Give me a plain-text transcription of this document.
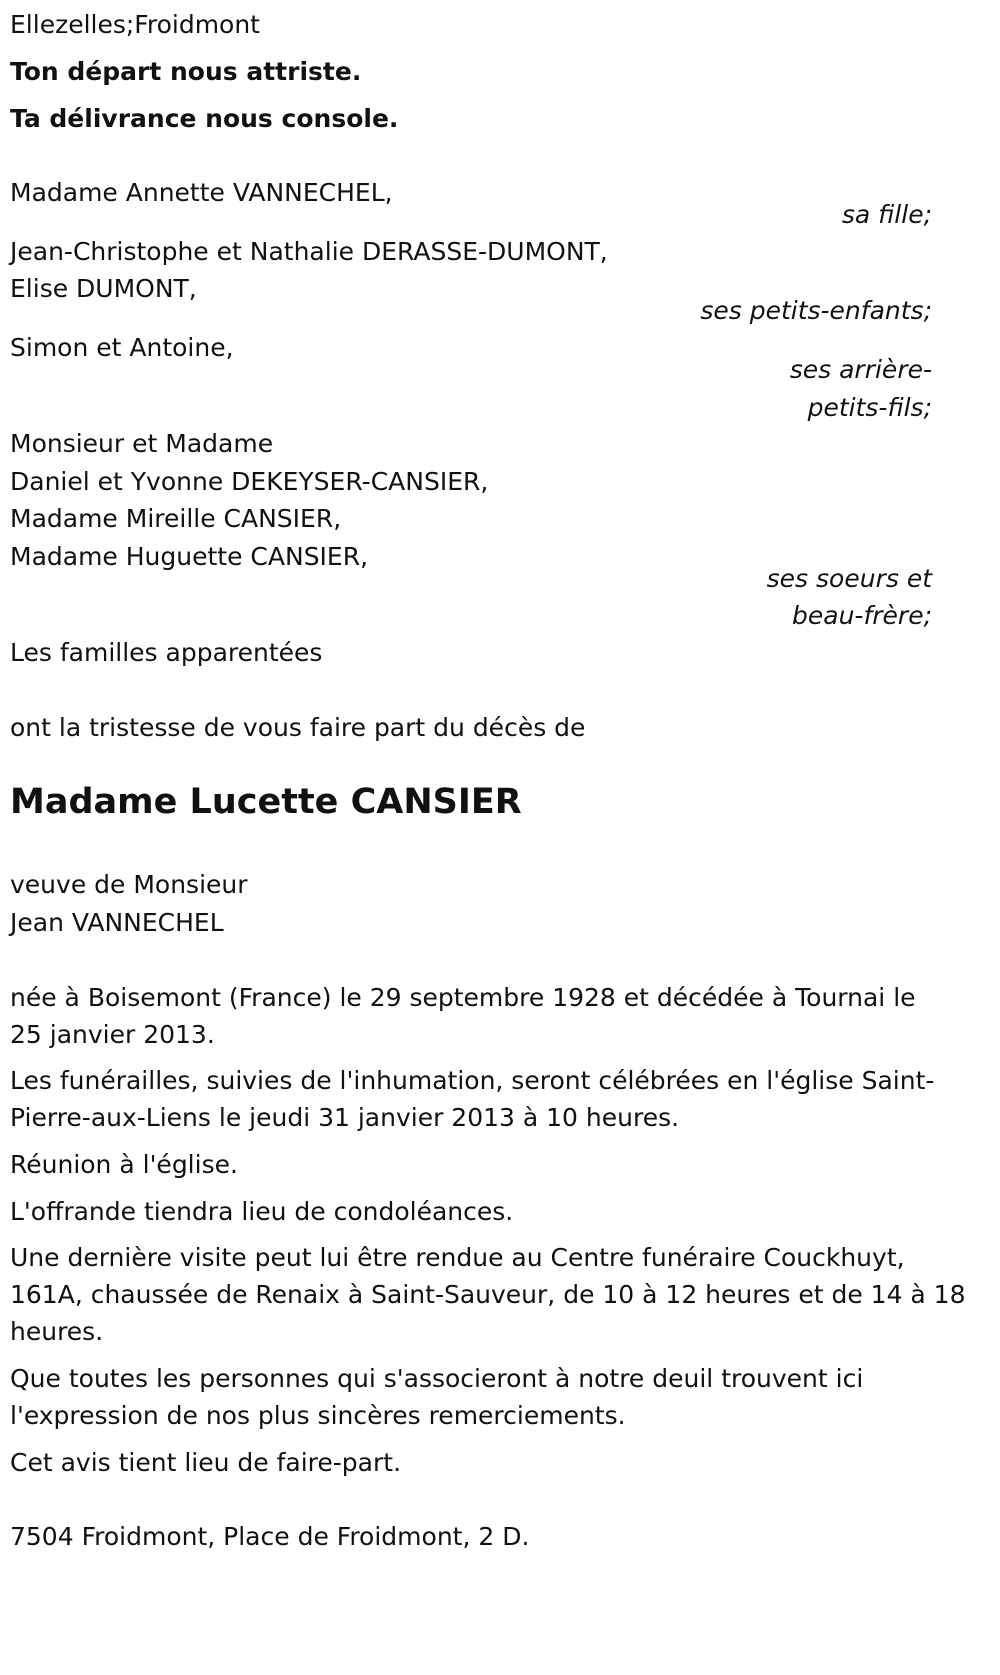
Ellezelles;Froidmont
Ton départ nous attriste.
Ta délivrance nous console.
Madame Annette VANNECHEL,
sa fille;
Jean-Christophe et Nathalie DERASSE-DUMONT,
Elise DUMONT,
ses petits-enfants;
Simon et Antoine,
ses arrière-
petits-fils;
Monsieur et Madame
Daniel et Yvonne DEKEYSER-CANSIER,
Madame Mireille CANSIER,
Madame Huguette CANSIER,
ses soeurs et
beau-frère;
Les familles apparentées
ont la tristesse de vous faire part du décès de
Madame Lucette CANSIER
veuve de Monsieur
Jean VANNECHEL
née à Boisemont (France) le 29 septembre 1928 et décédée à Tournai le
25 janvier 2013.
Les funérailles, suivies de l'inhumation, seront célébrées en l'église Saint-
Pierre-aux-Liens le jeudi 31 janvier 2013 à 10 heures.
Réunion à l'église.
L'offrande tiendra lieu de condoléances.
Une dernière visite peut lui être rendue au Centre funéraire Couckhuyt,
161A, chaussée de Renaix à Saint-Sauveur, de 10 à 12 heures et de 14 à 18
heures.
Que toutes les personnes qui s'associeront à notre deuil trouvent ici
l'expression de nos plus sincères remerciements.
Cet avis tient lieu de faire-part.
7504 Froidmont, Place de Froidmont, 2 D.
